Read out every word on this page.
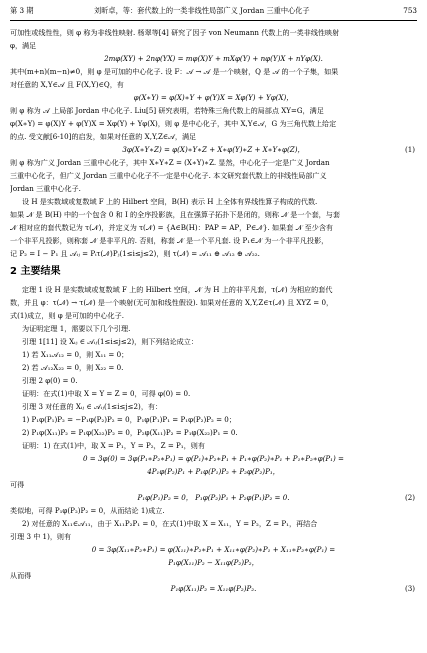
第 3 期	刘昕卓，等：套代数上的一类非线性局部广义 Jordan 三重中心化子	753
可加性或线性性，则 φ 称为非线性映射. 杨翠等[4] 研究了因子 von Neumann 代数上的一类非线性映射
φ，满足
2mφ(XY) + 2nφ(YX) = mφ(X)Y + mXφ(Y) + nφ(Y)X + nYφ(X).
其中(m+n)(m−n)≠0，则 φ 是可加的中心化子. 设 F：𝒜 → 𝒜 是一个映射，Q 是 𝒜 的一个子集，如果
对任意的 X,Y∈𝒜 且 F(X,Y)∈Q，有
φ(X∗Y) = φ(X)∗Y + φ(Y)X = Xφ(Y) + Yφ(X)，
则 φ 称为 𝒜 上局部 Jordan 中心化子. Liu[5] 研究表明，若特殊三角代数上的局部点 XY=G，满足
φ(X∗Y) = φ(X)Y + φ(Y)X = Xφ(Y) + Yφ(X)，则 φ 是中心化子，其中 X,Y∈𝒜，G 为三角代数上给定
的点. 受文献[6-10]的启发，如果对任意的 X,Y,Z∈𝒜，满足
3φ(X∗Y∗Z) = φ(X)∗Y∗Z + X∗φ(Y)∗Z + X∗Y∗φ(Z)，	(1)
则 φ 称为广义 Jordan 三重中心化子，其中 X∗Y∗Z = (X∗Y)∗Z. 显然，中心化子一定是广义 Jordan
三重中心化子，但广义 Jordan 三重中心化子不一定是中心化子. 本文研究套代数上的非线性局部广义
Jordan 三重中心化子.
设 H 是实数域或复数域 F 上的 Hilbert 空间，B(H) 表示 H 上全体有界线性算子构成的代数.
如果 𝒩 是 B(H) 中的一个包含 0 和 I 的全序投影族，且在强算子拓扑下是闭的，则称 𝒩 是一个套，与套
𝒩 相对应的套代数记为 τ(𝒩)，并定义为 τ(𝒩) = {A∈B(H)：PAP = AP，P∈𝒩}. 如果套 𝒩 至少含有
一个非平凡投影，则称套 𝒩 是非平凡的. 否则，称套 𝒩 是一个平凡套. 设 P₁∈𝒩 为一个非平凡投影，
记 P₂ = I − P₁ 且 𝒜ᵢⱼ = Pᵢτ(𝒩)Pⱼ(1≤i≤j≤2)，则 τ(𝒩) = 𝒜₁₁ ⊕ 𝒜₁₂ ⊕ 𝒜₂₂.
2 主要结果
定理 1 设 H 是实数域或复数域 F 上的 Hilbert 空间，𝒩 为 H 上的非平凡套，τ(𝒩) 为相应的套代
数，并且 φ：τ(𝒩) → τ(𝒩) 是一个映射(无可加和线性假设). 如果对任意的 X,Y,Z∈τ(𝒩) 且 XYZ = 0，
式(1)成立，则 φ 是可加的中心化子.
为证明定理 1，需要以下几个引理.
引理 1[11] 设 Xᵢⱼ ∈ 𝒜ᵢⱼ(1≤i≤j≤2)，则下列结论成立：
1) 若 X₁₁𝒜₁₂ = 0，则 X₁₁ = 0；
2) 若 𝒜₁₂X₂₂ = 0，则 X₂₂ = 0.
引理 2 φ(0) = 0.
证明：在式(1)中取 X = Y = Z = 0，可得 φ(0) = 0.
引理 3 对任意的 Xᵢⱼ ∈ 𝒜ᵢⱼ(1≤i≤j≤2)，有：
1) P₁φ(P₁)P₂ = −P₁φ(P₂)P₂ = 0，P₁φ(P₁)P₁ = P₁φ(P₂)P₂ = 0；
2) P₁φ(X₁₁)P₂ = P₁φ(X₂₂)P₂ = 0，P₂φ(X₁₁)P₂ = P₁φ(X₂₂)P₁ = 0.
证明：1) 在式(1)中，取 X = P₁，Y = P₂，Z = P₁，则有
0 = 3φ(0) = 3φ(P₁∗P₂∗P₁) = φ(P₁)∗P₂∗P₁ + P₁∗φ(P₂)∗P₁ + P₁∗P₂∗φ(P₁) =
4P₁φ(P₂)P₁ + P₁φ(P₁)P₂ + P₂φ(P₂)P₁，
可得
P₁φ(P₁)P₂ = 0， P₁φ(P₂)P₁ + P₂φ(P₁)P₂ = 0.	(2)
类似地，可得 P₁φ(P₂)P₂ = 0，从而结论 1)成立.
2) 对任意的 X₁₁∈𝒜₁₁，由于 X₁₁P₂P₁ = 0，在式(1)中取 X = X₁₁，Y = P₂，Z = P₁，再结合
引理 3 中 1)，则有
0 = 3φ(X₁₁∗P₂∗P₁) = φ(X₁₁)∗P₂∗P₁ + X₁₁∗φ(P₂)∗P₁ + X₁₁∗P₂∗φ(P₁) =
P₁φ(X₁₁)P₂ − X₁₁φ(P₂)P₂，
从而得
P₁φ(X₁₁)P₂ = X₁₁φ(P₂)P₂.	(3)
